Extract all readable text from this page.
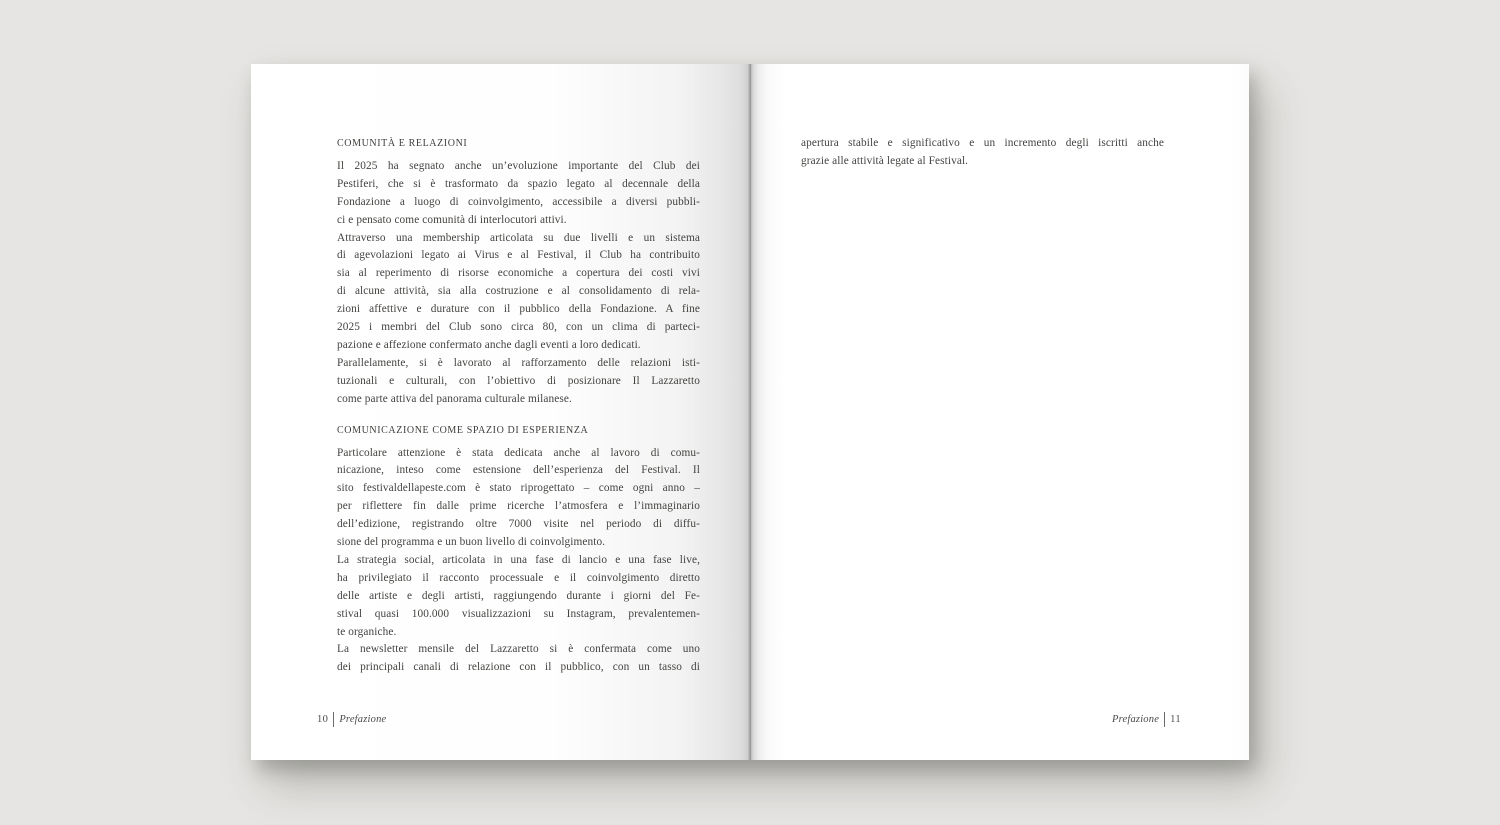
COMUNITÀ E RELAZIONI
Il 2025 ha segnato anche un’evoluzione importante del Club dei
Pestiferi, che si è trasformato da spazio legato al decennale della
Fondazione a luogo di coinvolgimento, accessibile a diversi pubbli-
ci e pensato come comunità di interlocutori attivi.
Attraverso una membership articolata su due livelli e un sistema
di agevolazioni legato ai Virus e al Festival, il Club ha contribuito
sia al reperimento di risorse economiche a copertura dei costi vivi
di alcune attività, sia alla costruzione e al consolidamento di rela-
zioni affettive e durature con il pubblico della Fondazione. A fine
2025 i membri del Club sono circa 80, con un clima di parteci-
pazione e affezione confermato anche dagli eventi a loro dedicati.
Parallelamente, si è lavorato al rafforzamento delle relazioni isti-
tuzionali e culturali, con l’obiettivo di posizionare Il Lazzaretto
come parte attiva del panorama culturale milanese.
COMUNICAZIONE COME SPAZIO DI ESPERIENZA
Particolare attenzione è stata dedicata anche al lavoro di comu-
nicazione, inteso come estensione dell’esperienza del Festival. Il
sito festivaldellapeste.com è stato riprogettato – come ogni anno –
per riflettere fin dalle prime ricerche l’atmosfera e l’immaginario
dell’edizione, registrando oltre 7000 visite nel periodo di diffu-
sione del programma e un buon livello di coinvolgimento.
La strategia social, articolata in una fase di lancio e una fase live,
ha privilegiato il racconto processuale e il coinvolgimento diretto
delle artiste e degli artisti, raggiungendo durante i giorni del Fe-
stival quasi 100.000 visualizzazioni su Instagram, prevalentemen-
te organiche.
La newsletter mensile del Lazzaretto si è confermata come uno
dei principali canali di relazione con il pubblico, con un tasso di
10 Prefazione
apertura stabile e significativo e un incremento degli iscritti anche
grazie alle attività legate al Festival.
Prefazione 11
